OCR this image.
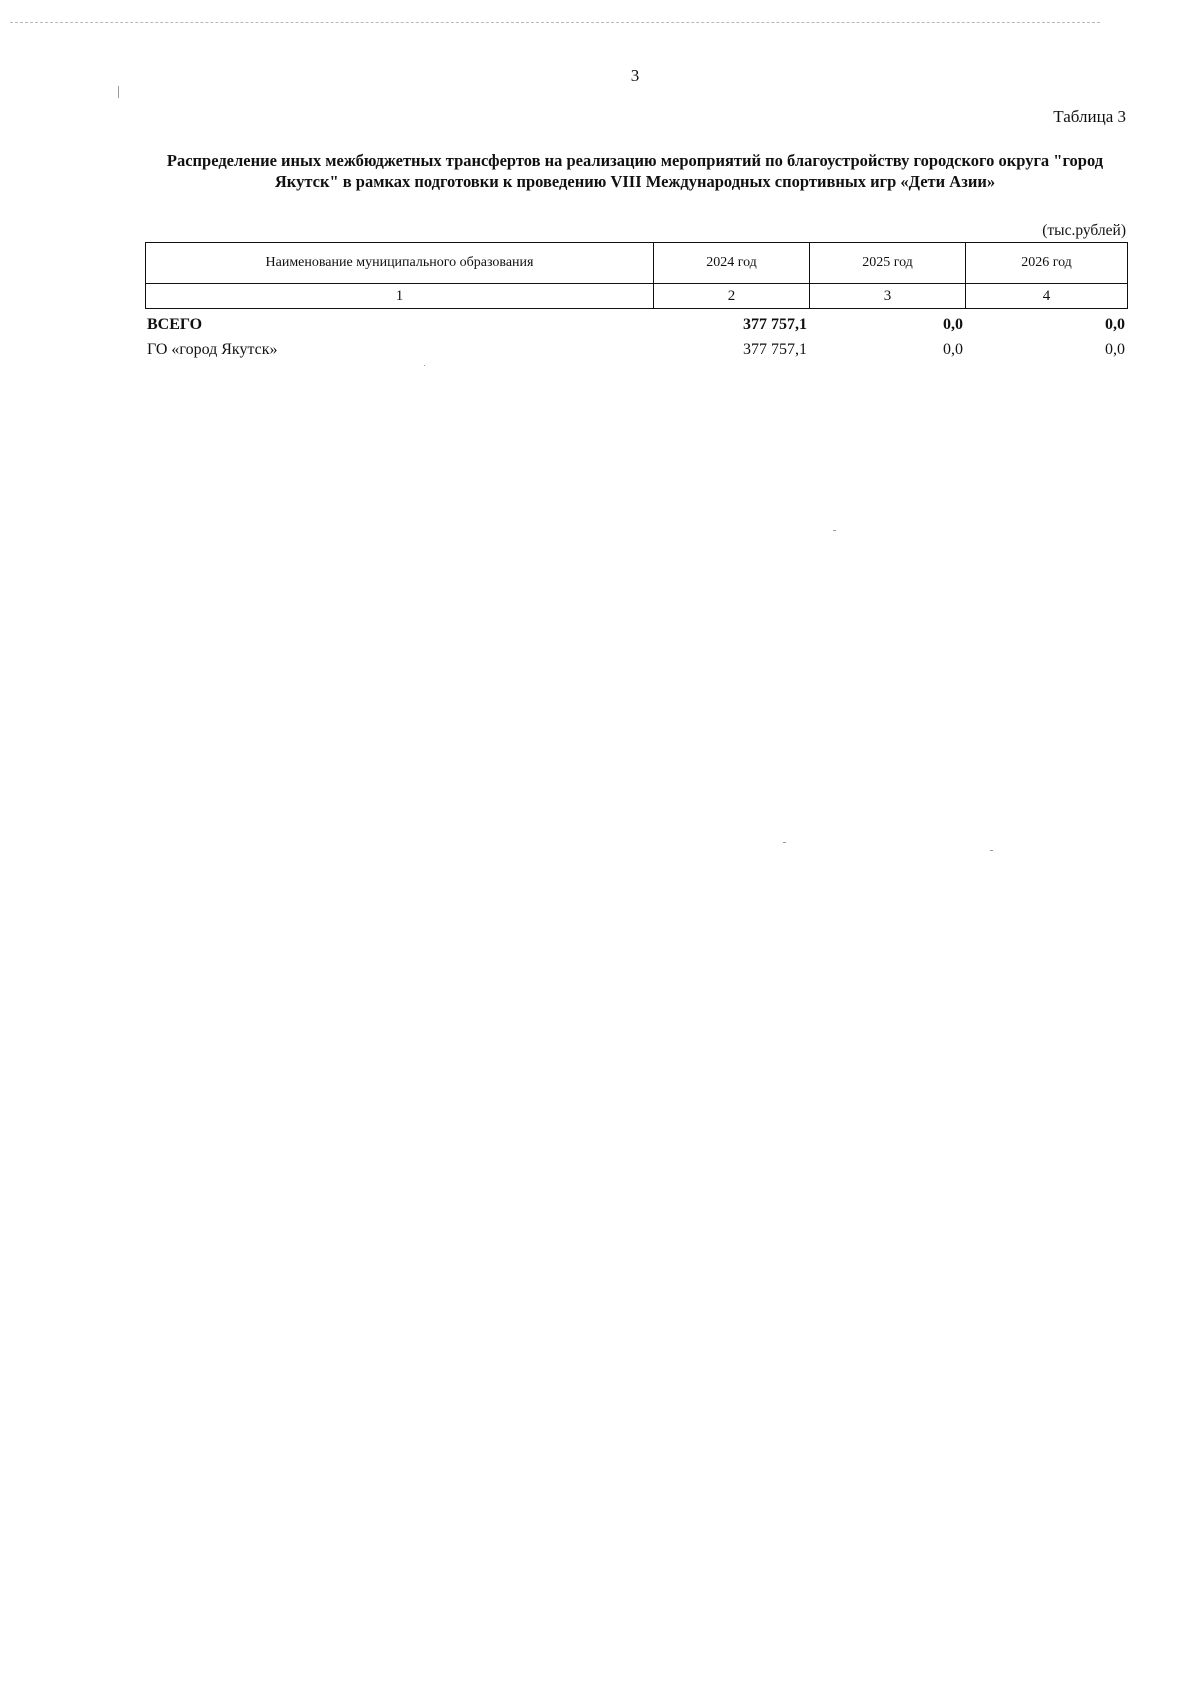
3
Таблица 3
Распределение иных межбюджетных трансфертов на реализацию мероприятий по благоустройству городского округа "город Якутск" в рамках подготовки к проведению VIII Международных спортивных игр «Дети Азии»
(тыс.рублей)
Наименование муниципального образования	2024 год	2025 год	2026 год
1	2	3	4
ВСЕГО	377 757,1	0,0	0,0
ГО «город Якутск»	377 757,1	0,0	0,0
